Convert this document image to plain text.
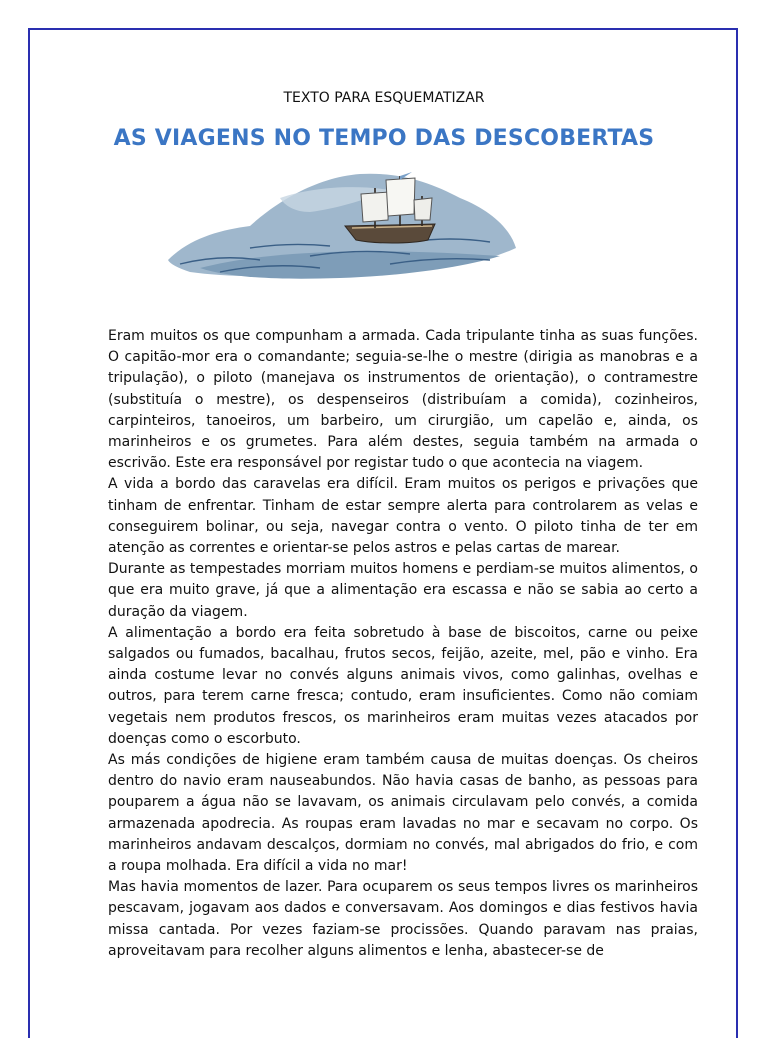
TEXTO PARA ESQUEMATIZAR
AS VIAGENS NO TEMPO DAS DESCOBERTAS

Eram muitos os que compunham a armada. Cada tripulante tinha as suas funções. O capitão-mor era o comandante; seguia-se-lhe o mestre (dirigia as manobras e a tripulação), o piloto (manejava os instrumentos de orientação), o contramestre (substituía o mestre), os despenseiros (distribuíam a comida), cozinheiros, carpinteiros, tanoeiros, um barbeiro, um cirurgião, um capelão e, ainda, os marinheiros e os grumetes. Para além destes, seguia também na armada o escrivão. Este era responsável por registar tudo o que acontecia na viagem.

A vida a bordo das caravelas era difícil. Eram muitos os perigos e privações que tinham de enfrentar. Tinham de estar sempre alerta para controlarem as velas e conseguirem bolinar, ou seja, navegar contra o vento. O piloto tinha de ter em atenção as correntes e orientar-se pelos astros e pelas cartas de marear.

Durante as tempestades morriam muitos homens e perdiam-se muitos alimentos, o que era muito grave, já que a alimentação era escassa e não se sabia ao certo a duração da viagem.

A alimentação a bordo era feita sobretudo à base de biscoitos, carne ou peixe salgados ou fumados, bacalhau, frutos secos, feijão, azeite, mel, pão e vinho. Era ainda costume levar no convés alguns animais vivos, como galinhas, ovelhas e outros, para terem carne fresca; contudo, eram insuficientes. Como não comiam vegetais nem produtos frescos, os marinheiros eram muitas vezes atacados por doenças como o escorbuto.

As más condições de higiene eram também causa de muitas doenças. Os cheiros dentro do navio eram nauseabundos. Não havia casas de banho, as pessoas para pouparem a água não se lavavam, os animais circulavam pelo convés, a comida armazenada apodrecia. As roupas eram lavadas no mar e secavam no corpo. Os marinheiros andavam descalços, dormiam no convés, mal abrigados do frio, e com a roupa molhada. Era difícil a vida no mar!

Mas havia momentos de lazer. Para ocuparem os seus tempos livres os marinheiros pescavam, jogavam aos dados e conversavam. Aos domingos e dias festivos havia missa cantada. Por vezes faziam-se procissões. Quando paravam nas praias, aproveitavam para recolher alguns alimentos e lenha, abastecer-se de
